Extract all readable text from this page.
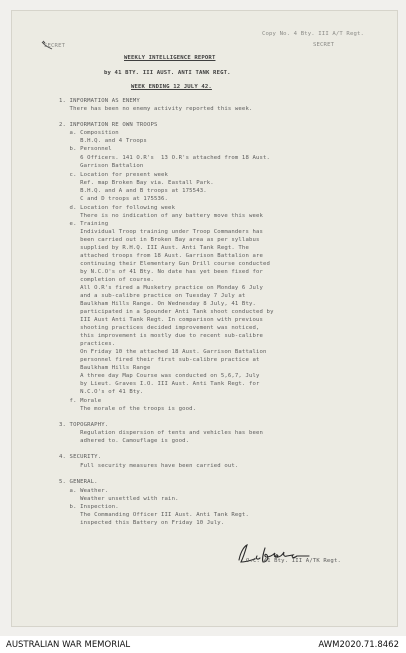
SECRET
Copy No. 4 Bty. III A/T Regt.
SECRET
WEEKLY INTELLIGENCE REPORT
by 41 BTY. III AUST. ANTI TANK REGT.
WEEK ENDING 12 JULY 42.
1. INFORMATION AS ENEMY
There has been no enemy activity reported this week.
2. INFORMATION RE OWN TROOPS
a. Composition
B.H.Q. and 4 Troops
b. Personnel
6 Officers. 141 O.R's  13 O.R's attached from 18 Aust.
Garrison Battalion
c. Location for present week
Ref. map Broken Bay via. Eastall Park.
B.H.Q. and A and B troops at 175543.
C and D troops at 175536.
d. Location for following week
There is no indication of any battery move this week
e. Training
Individual Troop training under Troop Commanders has
been carried out in Broken Bay area as per syllabus
supplied by R.H.Q. III Aust. Anti Tank Regt. The
attached troops from 18 Aust. Garrison Battalion are
continuing their Elementary Gun Drill course conducted
by N.C.O's of 41 Bty. No date has yet been fixed for
completion of course.
All O.R's fired a Musketry practice on Monday 6 July
and a sub-calibre practice on Tuesday 7 July at
Baulkham Hills Range. On Wednesday 8 July, 41 Bty.
participated in a Spounder Anti Tank shoot conducted by
III Aust Anti Tank Regt. In comparison with previous
shooting practices decided improvement was noticed,
this improvement is mostly due to recent sub-calibre
practices.
On Friday 10 the attached 18 Aust. Garrison Battalion
personnel fired their first sub-calibre practice at
Baulkham Hills Range
A three day Map Course was conducted on 5,6,7, July
by Lieut. Graves I.O. III Aust. Anti Tank Regt. for
N.C.O's of 41 Bty.
f. Morale
The morale of the troops is good.
3. TOPOGRAPHY.
Regulation dispersion of tents and vehicles has been
adhered to. Camouflage is good.
4. SECURITY.
Full security measures have been carried out.
5. GENERAL.
a. Weather.
Weather unsettled with rain.
b. Inspection.
The Commanding Officer III Aust. Anti Tank Regt.
inspected this Battery on Friday 10 July.
O.C. 41 Bty. III A/TK Regt.
AUSTRALIAN WAR MEMORIAL	AWM2020.71.8462
